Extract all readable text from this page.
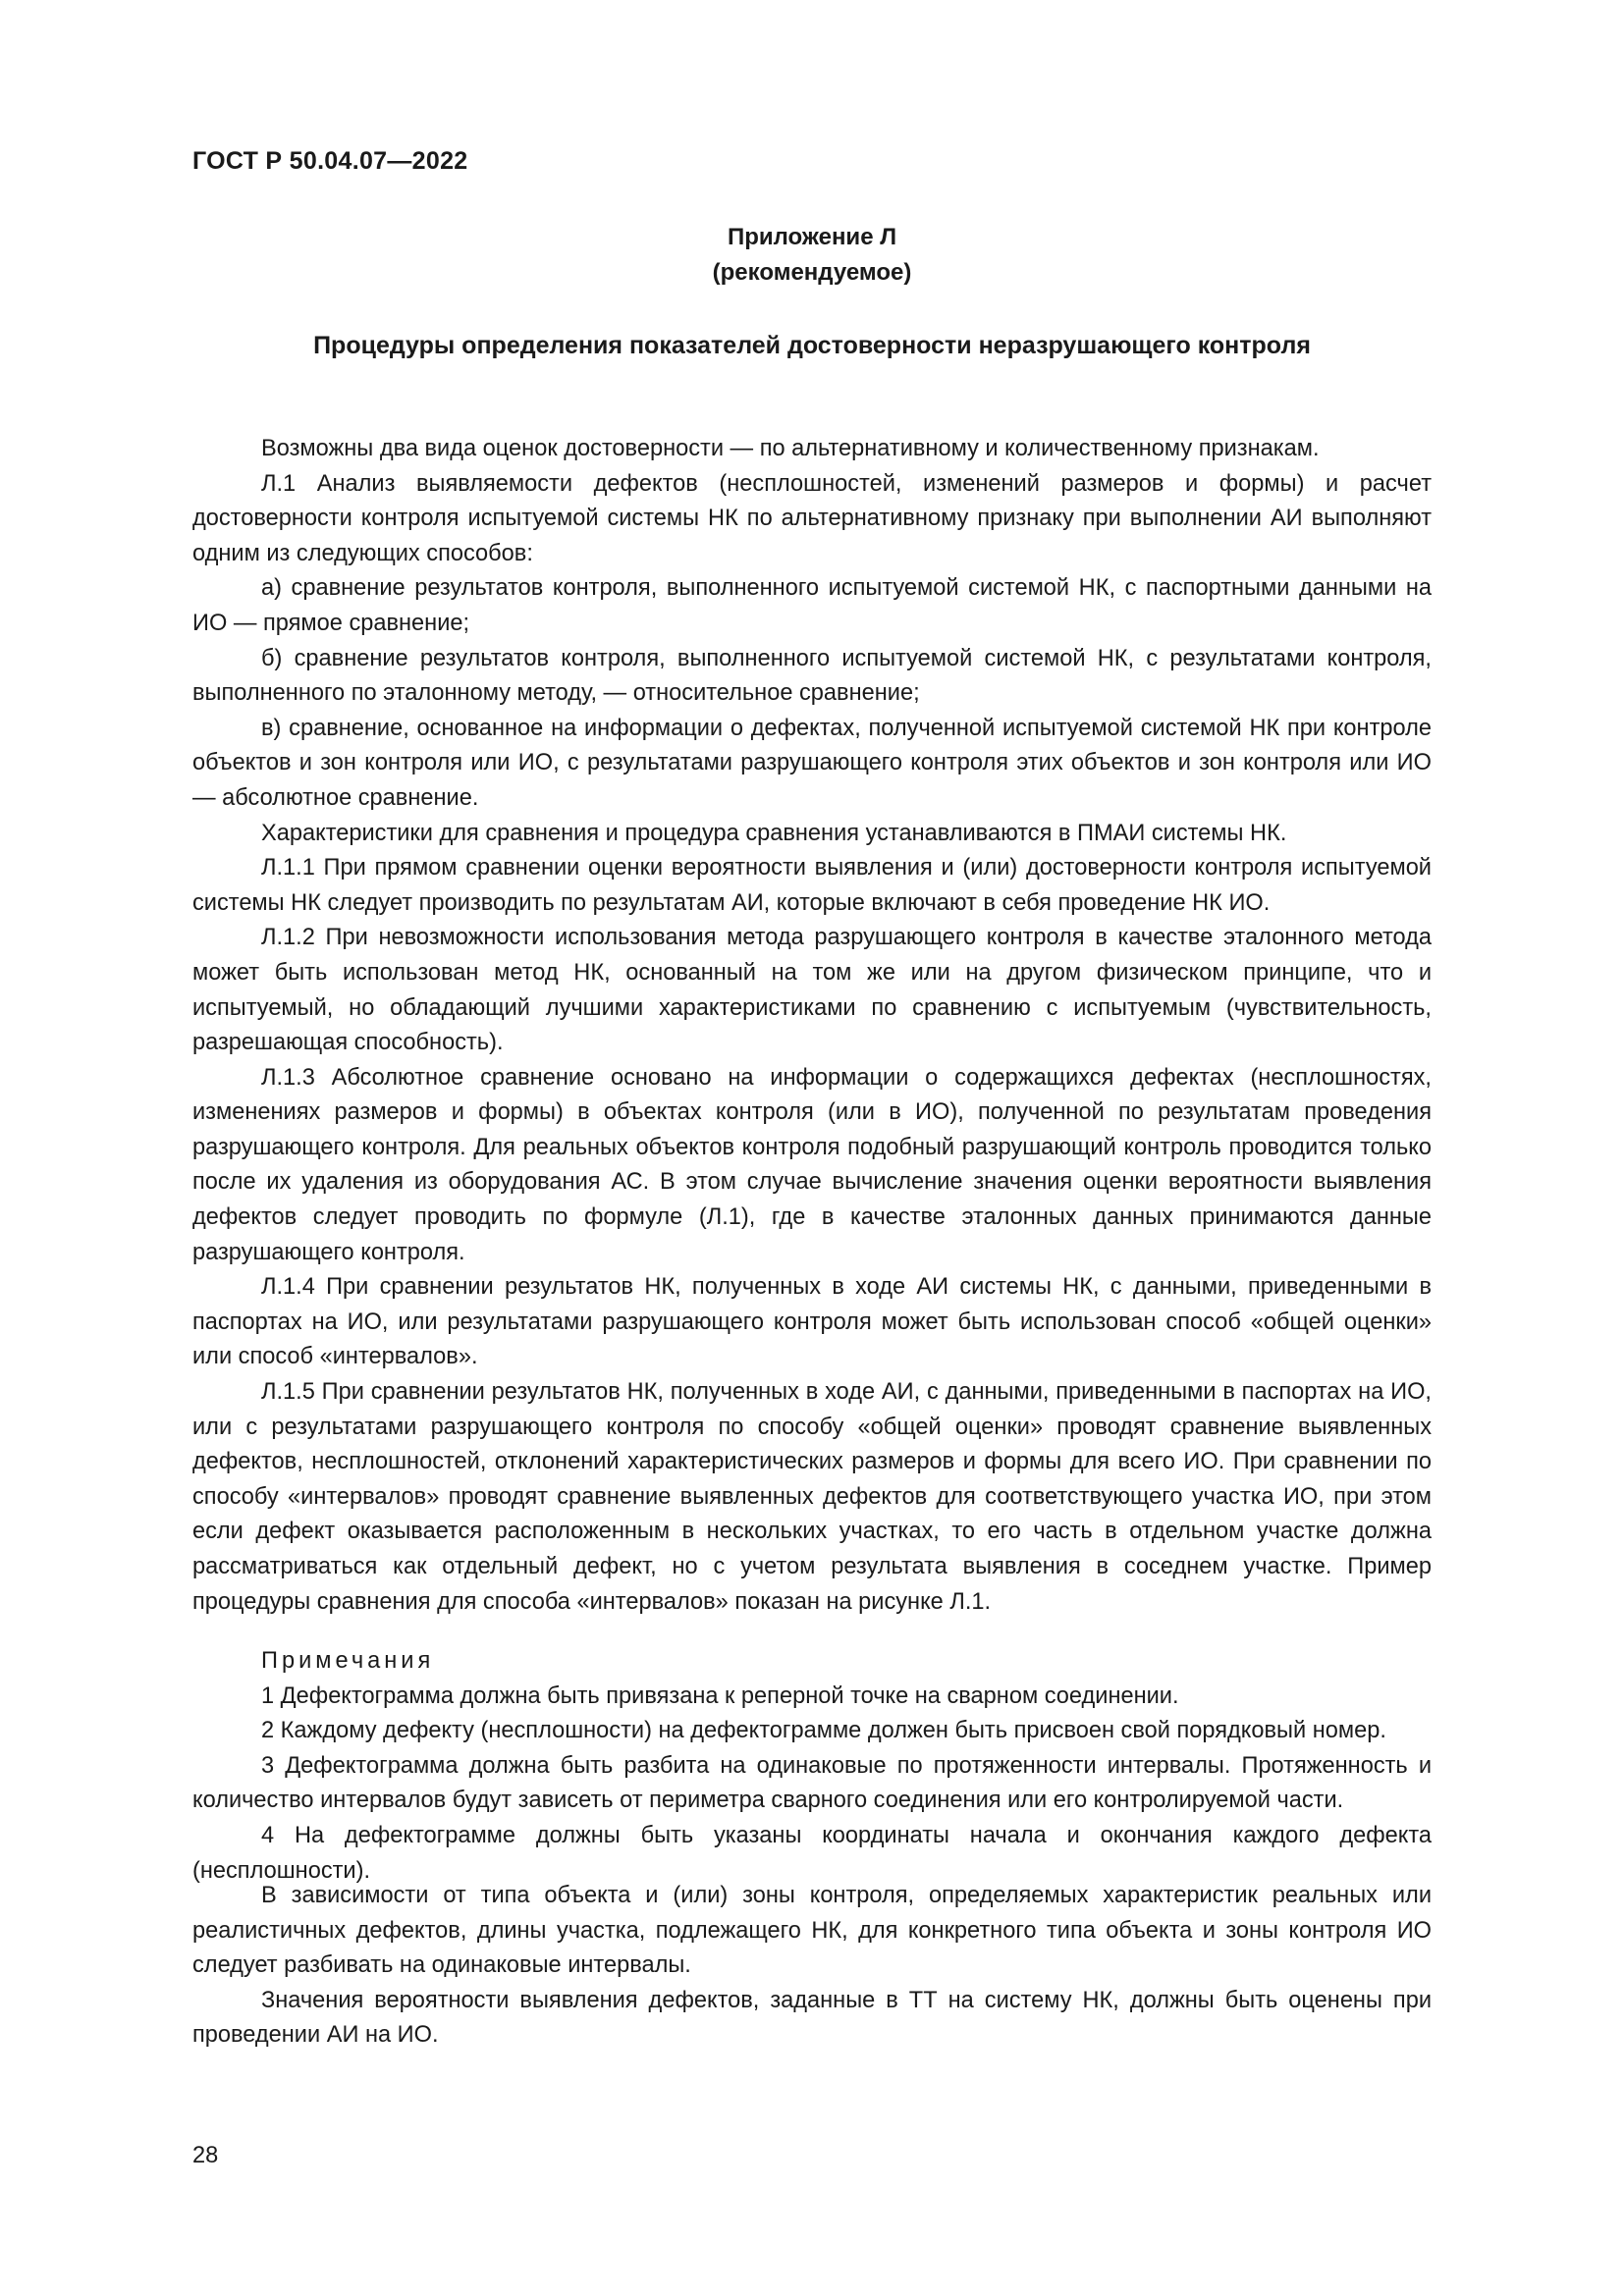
ГОСТ Р 50.04.07—2022
Приложение Л
(рекомендуемое)
Процедуры определения показателей достоверности неразрушающего контроля

Возможны два вида оценок достоверности — по альтернативному и количественному признакам.

Л.1 Анализ выявляемости дефектов (несплошностей, изменений размеров и формы) и расчет достоверности контроля испытуемой системы НК по альтернативному признаку при выполнении АИ выполняют одним из следующих способов:

а) сравнение результатов контроля, выполненного испытуемой системой НК, с паспортными данными на ИО — прямое сравнение;

б) сравнение результатов контроля, выполненного испытуемой системой НК, с результатами контроля, выполненного по эталонному методу, — относительное сравнение;

в) сравнение, основанное на информации о дефектах, полученной испытуемой системой НК при контроле объектов и зон контроля или ИО, с результатами разрушающего контроля этих объектов и зон контроля или ИО — абсолютное сравнение.

Характеристики для сравнения и процедура сравнения устанавливаются в ПМАИ системы НК.

Л.1.1 При прямом сравнении оценки вероятности выявления и (или) достоверности контроля испытуемой системы НК следует производить по результатам АИ, которые включают в себя проведение НК ИО.

Л.1.2 При невозможности использования метода разрушающего контроля в качестве эталонного метода может быть использован метод НК, основанный на том же или на другом физическом принципе, что и испытуемый, но обладающий лучшими характеристиками по сравнению с испытуемым (чувствительность, разрешающая способность).

Л.1.3 Абсолютное сравнение основано на информации о содержащихся дефектах (несплошностях, изменениях размеров и формы) в объектах контроля (или в ИО), полученной по результатам проведения разрушающего контроля. Для реальных объектов контроля подобный разрушающий контроль проводится только после их удаления из оборудования АС. В этом случае вычисление значения оценки вероятности выявления дефектов следует проводить по формуле (Л.1), где в качестве эталонных данных принимаются данные разрушающего контроля.

Л.1.4 При сравнении результатов НК, полученных в ходе АИ системы НК, с данными, приведенными в паспортах на ИО, или результатами разрушающего контроля может быть использован способ «общей оценки» или способ «интервалов».

Л.1.5 При сравнении результатов НК, полученных в ходе АИ, с данными, приведенными в паспортах на ИО, или с результатами разрушающего контроля по способу «общей оценки» проводят сравнение выявленных дефектов, несплошностей, отклонений характеристических размеров и формы для всего ИО. При сравнении по способу «интервалов» проводят сравнение выявленных дефектов для соответствующего участка ИО, при этом если дефект оказывается расположенным в нескольких участках, то его часть в отдельном участке должна рассматриваться как отдельный дефект, но с учетом результата выявления в соседнем участке. Пример процедуры сравнения для способа «интервалов» показан на рисунке Л.1.

Примечания

1 Дефектограмма должна быть привязана к реперной точке на сварном соединении.

2 Каждому дефекту (несплошности) на дефектограмме должен быть присвоен свой порядковый номер.

3 Дефектограмма должна быть разбита на одинаковые по протяженности интервалы. Протяженность и количество интервалов будут зависеть от периметра сварного соединения или его контролируемой части.

4 На дефектограмме должны быть указаны координаты начала и окончания каждого дефекта (несплошности).

В зависимости от типа объекта и (или) зоны контроля, определяемых характеристик реальных или реалистичных дефектов, длины участка, подлежащего НК, для конкретного типа объекта и зоны контроля ИО следует разбивать на одинаковые интервалы.

Значения вероятности выявления дефектов, заданные в ТТ на систему НК, должны быть оценены при проведении АИ на ИО.

28
